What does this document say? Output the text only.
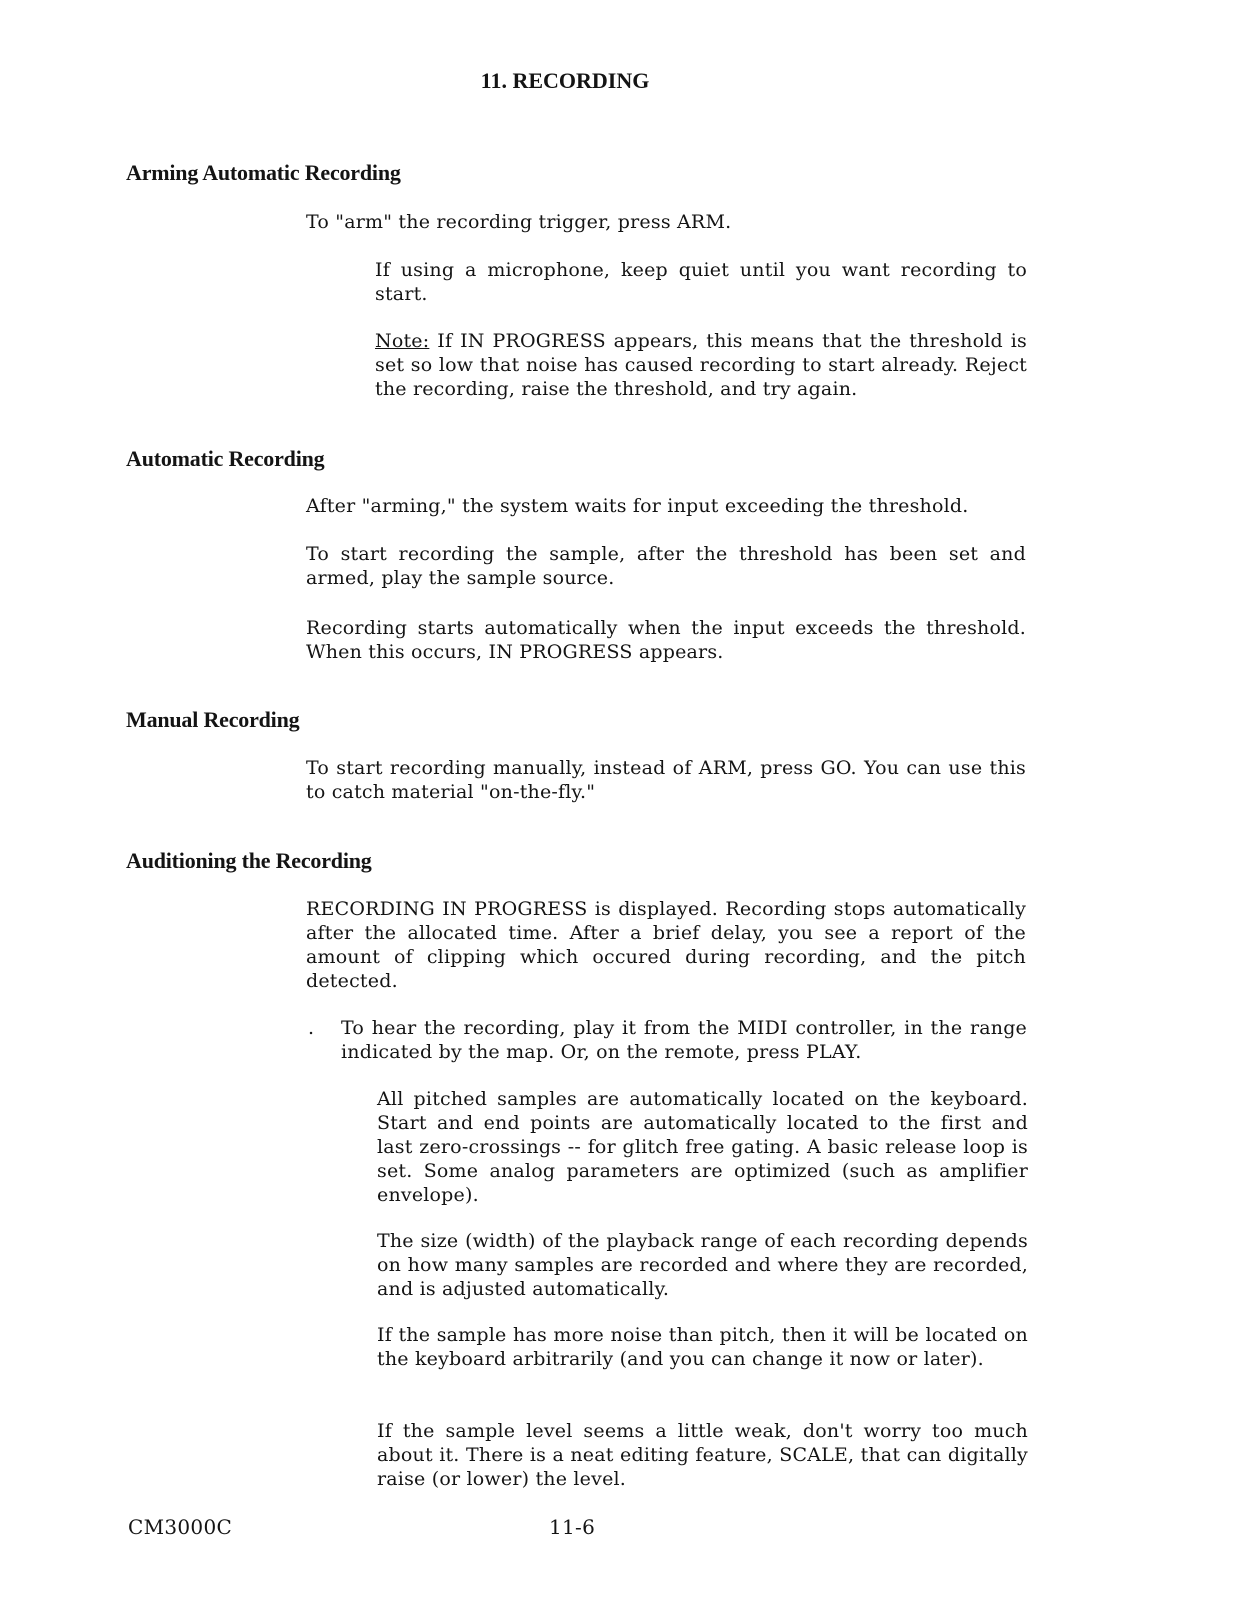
11. RECORDING
Arming Automatic Recording

To "arm" the recording trigger, press ARM.

If using a microphone, keep quiet until you want recording to start.

Note: If IN PROGRESS appears, this means that the threshold is set so low that noise has caused recording to start already. Reject the recording, raise the threshold, and try again.

Automatic Recording

After "arming," the system waits for input exceeding the threshold.

To start recording the sample, after the threshold has been set and armed, play the sample source.

Recording starts automatically when the input exceeds the threshold. When this occurs, IN PROGRESS appears.

Manual Recording

To start recording manually, instead of ARM, press GO. You can use this to catch material "on-the-fly."

Auditioning the Recording

RECORDING IN PROGRESS is displayed. Recording stops automatically after the allocated time. After a brief delay, you see a report of the amount of clipping which occured during recording, and the pitch detected.

. To hear the recording, play it from the MIDI controller, in the range indicated by the map. Or, on the remote, press PLAY.

All pitched samples are automatically located on the keyboard. Start and end points are automatically located to the first and last zero-crossings -- for glitch free gating. A basic release loop is set. Some analog parameters are optimized (such as amplifier envelope).

The size (width) of the playback range of each recording depends on how many samples are recorded and where they are recorded, and is adjusted automatically.

If the sample has more noise than pitch, then it will be located on the keyboard arbitrarily (and you can change it now or later).

If the sample level seems a little weak, don't worry too much about it. There is a neat editing feature, SCALE, that can digitally raise (or lower) the level.

CM3000C	11-6
